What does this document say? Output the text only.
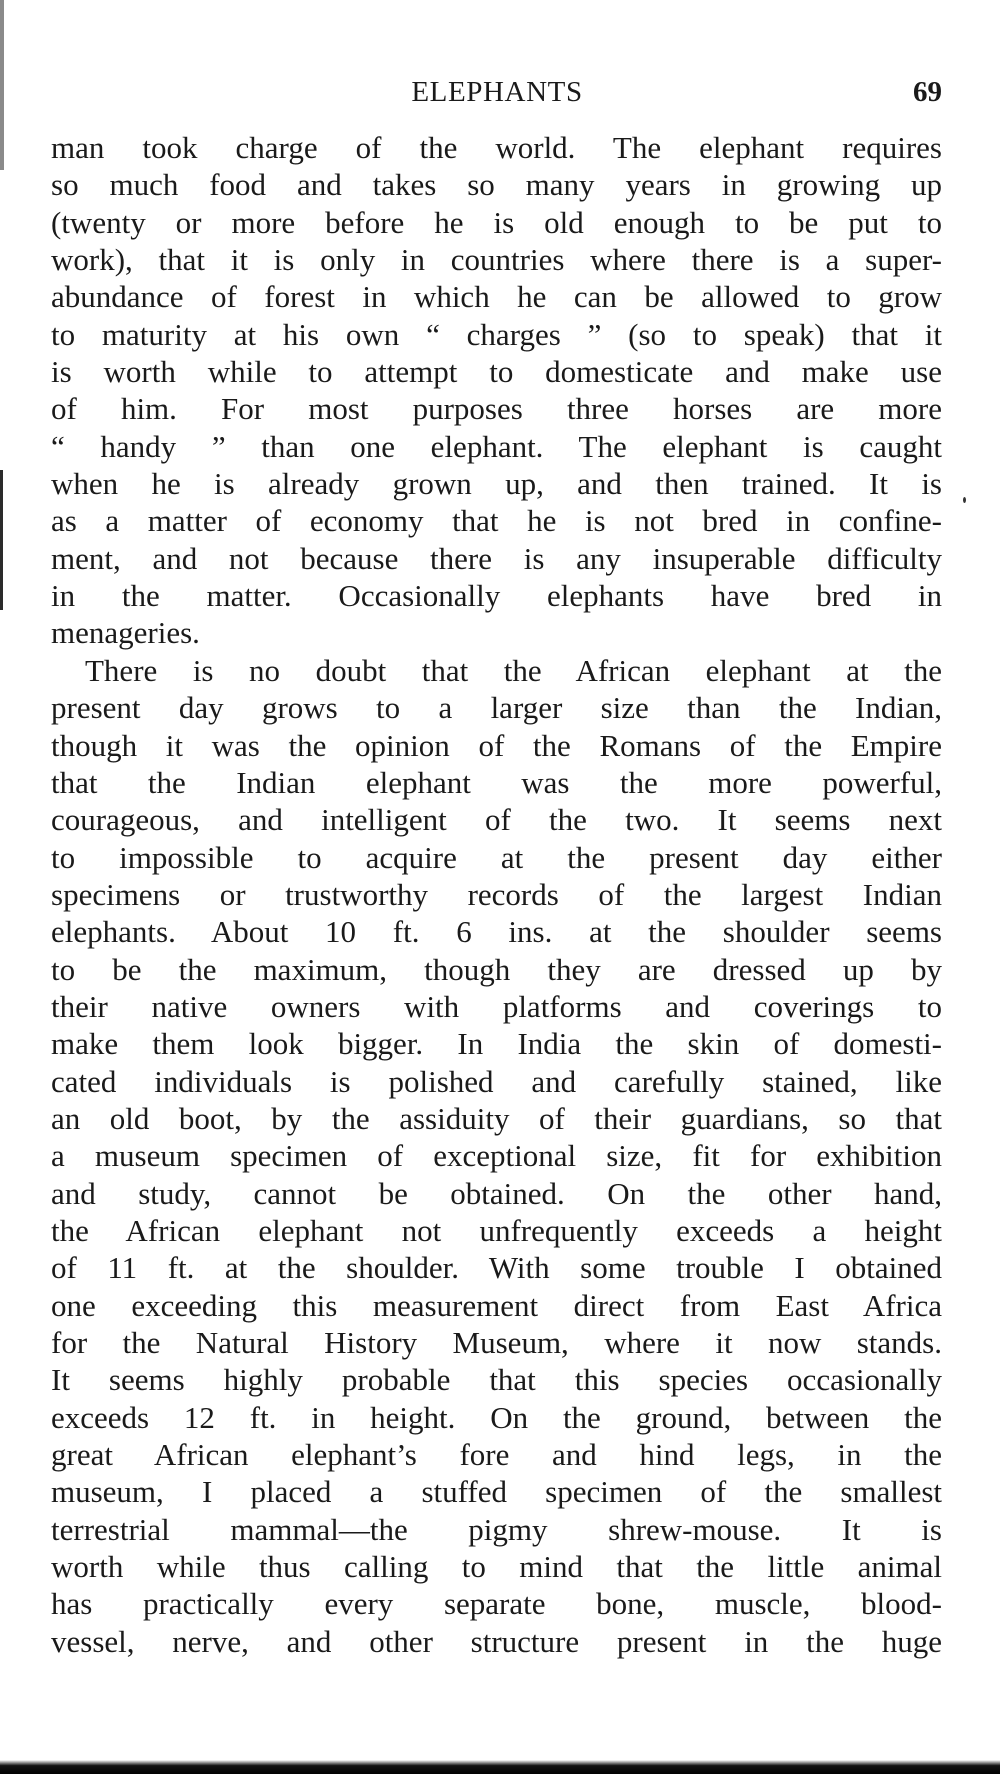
ELEPHANTS	69
man took charge of the world. The elephant requires
so much food and takes so many years in growing up
(twenty or more before he is old enough to be put to
work), that it is only in countries where there is a super-
abundance of forest in which he can be allowed to grow
to maturity at his own “ charges ” (so to speak) that it
is worth while to attempt to domesticate and make use
of him. For most purposes three horses are more
“ handy ” than one elephant. The elephant is caught
when he is already grown up, and then trained. It is
as a matter of economy that he is not bred in confine-
ment, and not because there is any insuperable difficulty
in the matter. Occasionally elephants have bred in
menageries.
There is no doubt that the African elephant at the
present day grows to a larger size than the Indian,
though it was the opinion of the Romans of the Empire
that the Indian elephant was the more powerful,
courageous, and intelligent of the two. It seems next
to impossible to acquire at the present day either
specimens or trustworthy records of the largest Indian
elephants. About 10 ft. 6 ins. at the shoulder seems
to be the maximum, though they are dressed up by
their native owners with platforms and coverings to
make them look bigger. In India the skin of domesti-
cated individuals is polished and carefully stained, like
an old boot, by the assiduity of their guardians, so that
a museum specimen of exceptional size, fit for exhibition
and study, cannot be obtained. On the other hand,
the African elephant not unfrequently exceeds a height
of 11 ft. at the shoulder. With some trouble I obtained
one exceeding this measurement direct from East Africa
for the Natural History Museum, where it now stands.
It seems highly probable that this species occasionally
exceeds 12 ft. in height. On the ground, between the
great African elephant’s fore and hind legs, in the
museum, I placed a stuffed specimen of the smallest
terrestrial mammal—the pigmy shrew-mouse. It is
worth while thus calling to mind that the little animal
has practically every separate bone, muscle, blood-
vessel, nerve, and other structure present in the huge
